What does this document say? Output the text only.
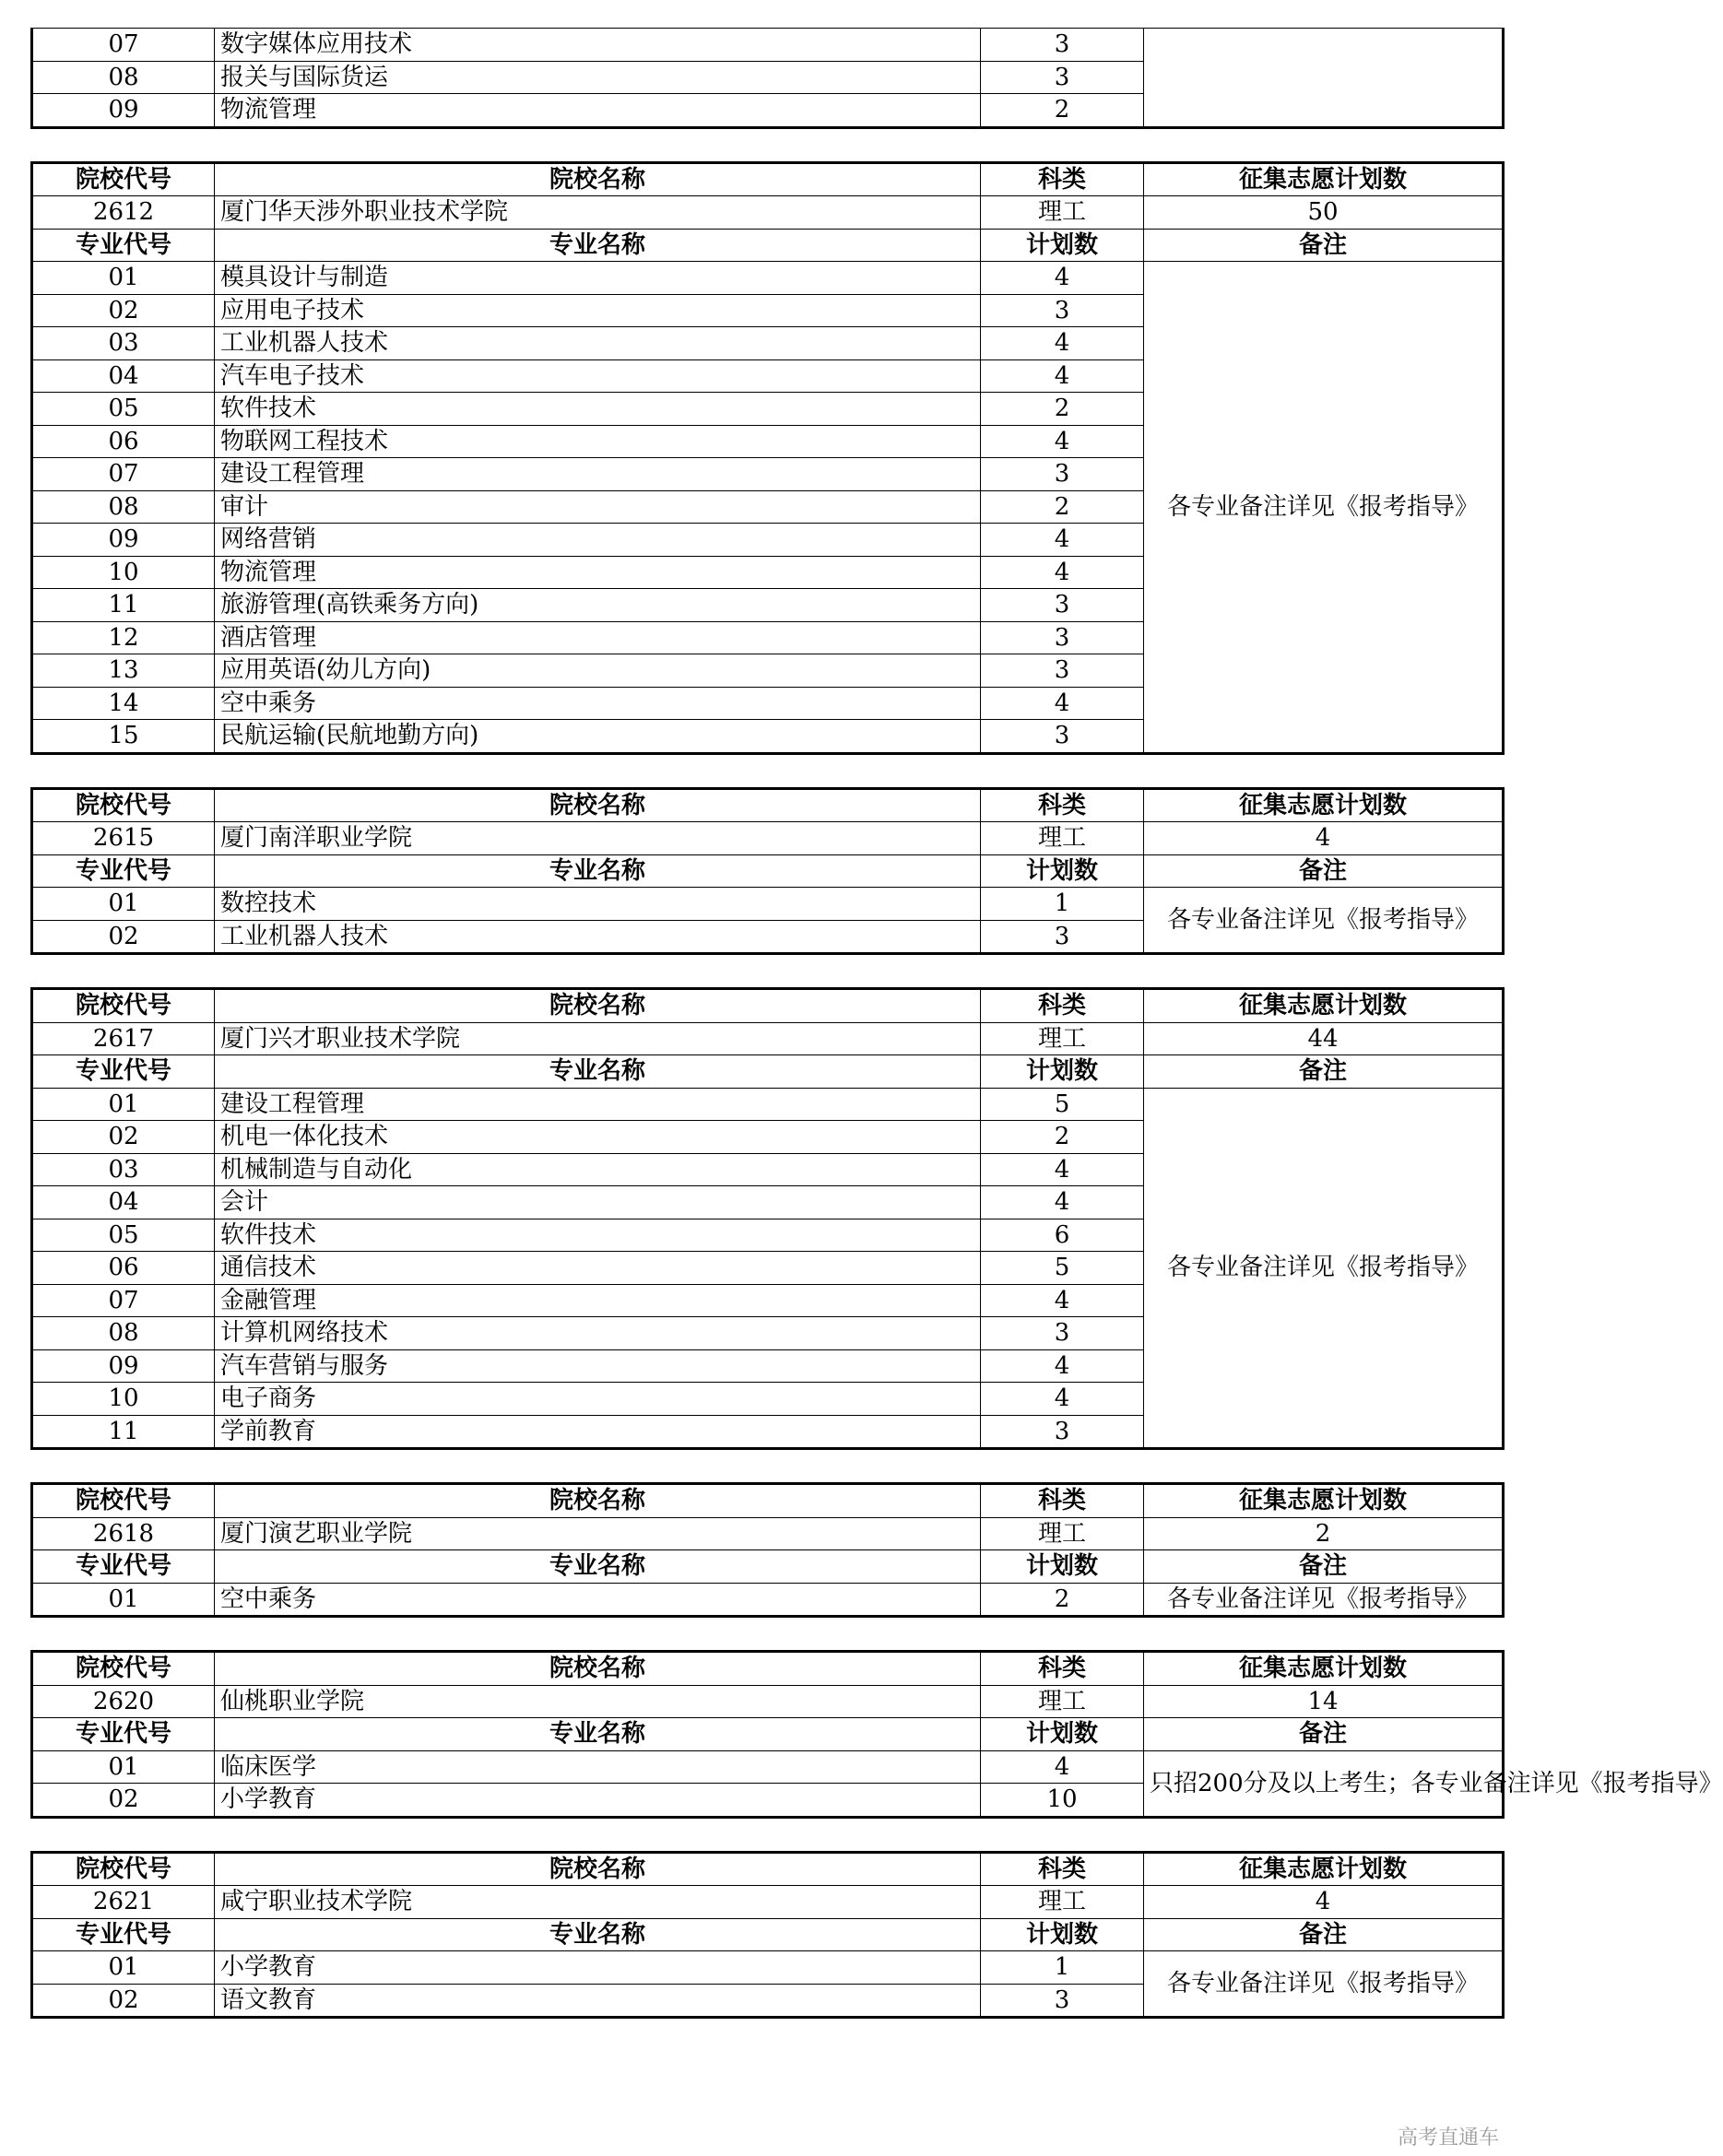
07	数字媒体应用技术	3	
08	报关与国际货运	3	
09	物流管理	2	
院校代号	院校名称	科类	征集志愿计划数
2612	厦门华天涉外职业技术学院	理工	50
专业代号	专业名称	计划数	备注
01	模具设计与制造	4	各专业备注详见《报考指导》
02	应用电子技术	3	
03	工业机器人技术	4	
04	汽车电子技术	4	
05	软件技术	2	
06	物联网工程技术	4	
07	建设工程管理	3	
08	审计	2	
09	网络营销	4	
10	物流管理	4	
11	旅游管理(高铁乘务方向)	3	
12	酒店管理	3	
13	应用英语(幼儿方向)	3	
14	空中乘务	4	
15	民航运输(民航地勤方向)	3	
院校代号	院校名称	科类	征集志愿计划数
2615	厦门南洋职业学院	理工	4
专业代号	专业名称	计划数	备注
01	数控技术	1	各专业备注详见《报考指导》
02	工业机器人技术	3	
院校代号	院校名称	科类	征集志愿计划数
2617	厦门兴才职业技术学院	理工	44
专业代号	专业名称	计划数	备注
01	建设工程管理	5	各专业备注详见《报考指导》
02	机电一体化技术	2	
03	机械制造与自动化	4	
04	会计	4	
05	软件技术	6	
06	通信技术	5	
07	金融管理	4	
08	计算机网络技术	3	
09	汽车营销与服务	4	
10	电子商务	4	
11	学前教育	3	
院校代号	院校名称	科类	征集志愿计划数
2618	厦门演艺职业学院	理工	2
专业代号	专业名称	计划数	备注
01	空中乘务	2	各专业备注详见《报考指导》
院校代号	院校名称	科类	征集志愿计划数
2620	仙桃职业学院	理工	14
专业代号	专业名称	计划数	备注
01	临床医学	4	只招200分及以上考生；各专业备注详见《报考指导》
02	小学教育	10	
院校代号	院校名称	科类	征集志愿计划数
2621	咸宁职业技术学院	理工	4
专业代号	专业名称	计划数	备注
01	小学教育	1	各专业备注详见《报考指导》
02	语文教育	3	
高考直通车
